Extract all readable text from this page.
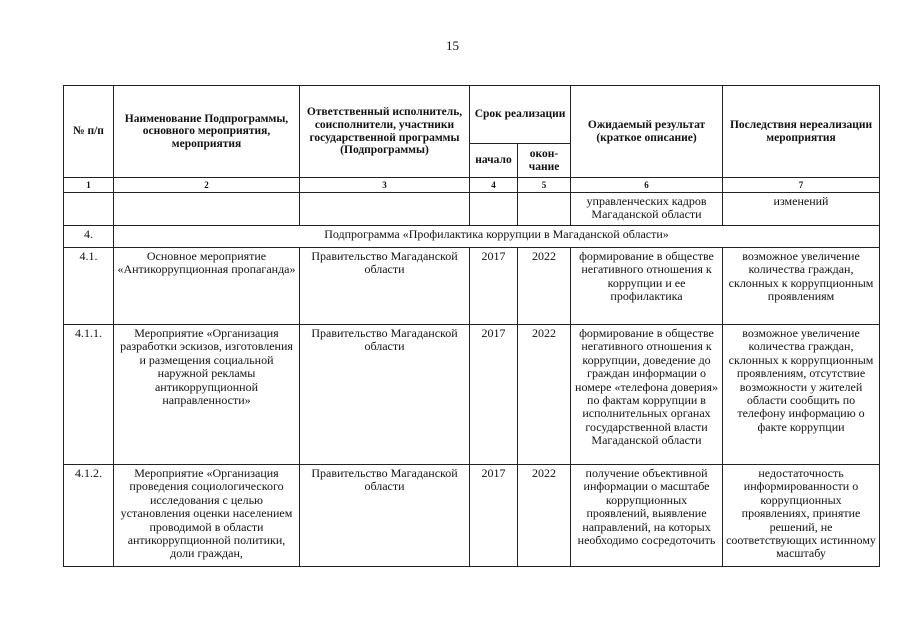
15
№ п/п	Наименование Подпрограммы, основного мероприятия, мероприятия	Ответственный исполнитель, соисполнители, участники государственной программы (Подпрограммы)	Срок реализации		Ожидаемый результат (краткое описание)	Последствия нереализации мероприятия
			начало	окон-чание		
1	2	3	4	5	6	7
					управленческих кадров Магаданской области	изменений
4.	Подпрограмма «Профилактика коррупции в Магаданской области»					
4.1.	Основное мероприятие «Антикоррупционная пропаганда»	Правительство Магаданской области	2017	2022	формирование в обществе негативного отношения к коррупции и ее профилактика	возможное увеличение количества граждан, склонных к коррупционным проявлениям
4.1.1.	Мероприятие «Организация разработки эскизов, изготовления и размещения социальной наружной рекламы антикоррупционной направленности»	Правительство Магаданской области	2017	2022	формирование в обществе негативного отношения к коррупции, доведение до граждан информации о номере «телефона доверия» по фактам коррупции в исполнительных органах государственной власти Магаданской области	возможное увеличение количества граждан, склонных к коррупционным проявлениям, отсутствие возможности у жителей области сообщить по телефону информацию о факте коррупции
4.1.2.	Мероприятие «Организация проведения социологического исследования с целью установления оценки населением проводимой в области антикоррупционной политики, доли граждан,	Правительство Магаданской области	2017	2022	получение объективной информации о масштабе коррупционных проявлений, выявление направлений, на которых необходимо сосредоточить	недостаточность информированности о коррупционных проявлениях, принятие решений, не соответствующих истинному масштабу
